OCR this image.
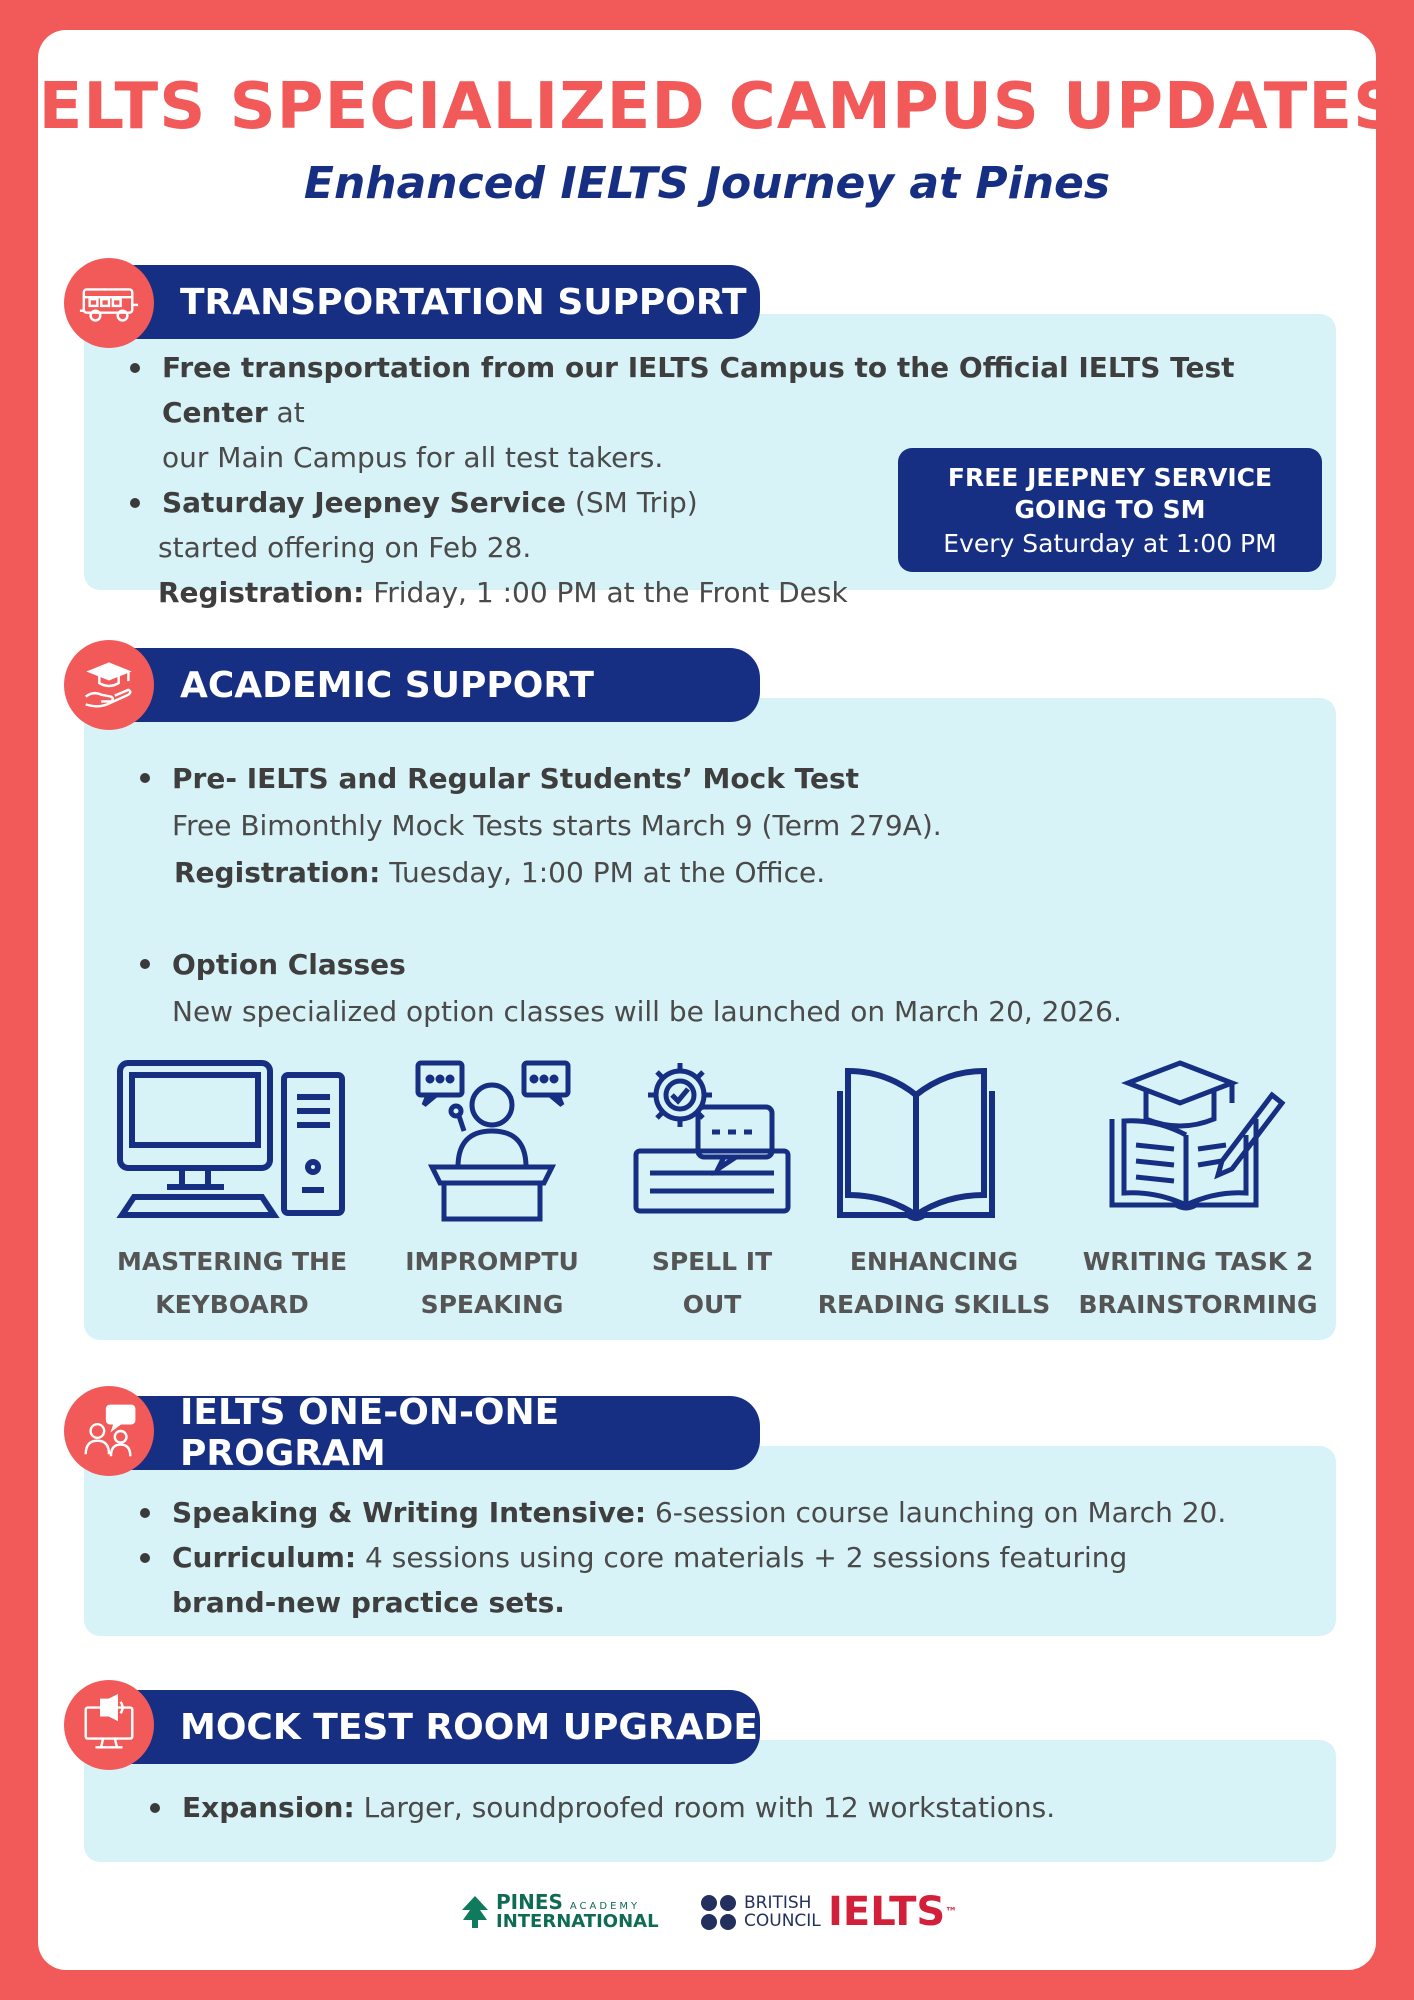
IELTS SPECIALIZED CAMPUS UPDATES
Enhanced IELTS Journey at Pines
TRANSPORTATION SUPPORT
Free transportation from our IELTS Campus to the Official IELTS Test Center at
our Main Campus for all test takers.
Saturday Jeepney Service (SM Trip)
started offering on Feb 28.
Registration: Friday, 1 :00 PM at the Front Desk
FREE JEEPNEY SERVICE
GOING TO SM
Every Saturday at 1:00 PM
ACADEMIC SUPPORT
Pre- IELTS and Regular Students’ Mock Test
Free Bimonthly Mock Tests starts March 9 (Term 279A).
Registration: Tuesday, 1:00 PM at the Office.
Option Classes
New specialized option classes will be launched on March 20, 2026.
MASTERING THE
KEYBOARD
IMPROMPTU
SPEAKING
SPELL IT
OUT
ENHANCING
READING SKILLS
WRITING TASK 2
BRAINSTORMING
IELTS ONE-ON-ONE PROGRAM
Speaking & Writing Intensive: 6-session course launching on March 20.
Curriculum: 4 sessions using core materials + 2 sessions featuring
brand-new practice sets.
MOCK TEST ROOM UPGRADE
Expansion: Larger, soundproofed room with 12 workstations.
PINES ACADEMY
INTERNATIONAL
BRITISH
COUNCIL IELTS™
